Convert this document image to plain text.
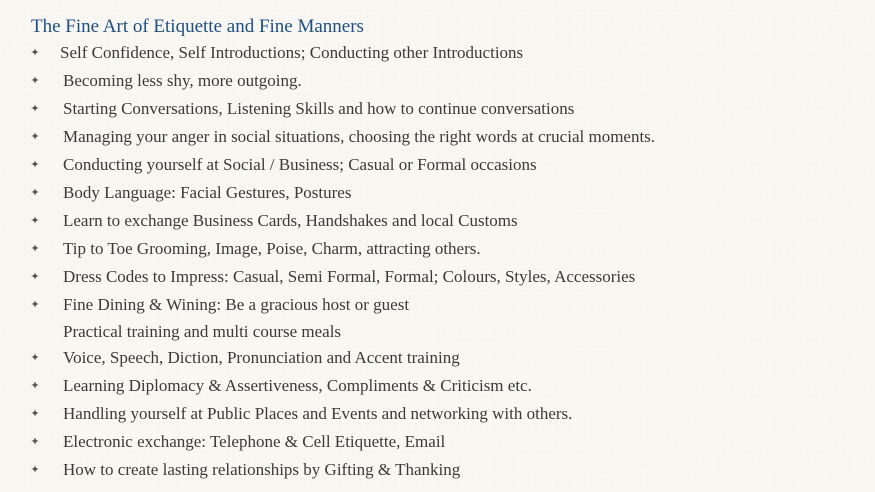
The Fine Art of Etiquette and Fine Manners
✦ Self Confidence, Self Introductions; Conducting other Introductions
✦ Becoming less shy, more outgoing.
✦ Starting Conversations, Listening Skills and how to continue conversations
✦ Managing your anger in social situations, choosing the right words at crucial moments.
✦ Conducting yourself at Social / Business; Casual or Formal occasions
✦ Body Language: Facial Gestures, Postures
✦ Learn to exchange Business Cards, Handshakes and local Customs
✦ Tip to Toe Grooming, Image, Poise, Charm, attracting others.
✦ Dress Codes to Impress: Casual, Semi Formal, Formal; Colours, Styles, Accessories
✦ Fine Dining & Wining: Be a gracious host or guest
Practical training and multi course meals
✦ Voice, Speech, Diction, Pronunciation and Accent training
✦ Learning Diplomacy & Assertiveness, Compliments & Criticism etc.
✦ Handling yourself at Public Places and Events and networking with others.
✦ Electronic exchange: Telephone & Cell Etiquette, Email
✦ How to create lasting relationships by Gifting & Thanking
